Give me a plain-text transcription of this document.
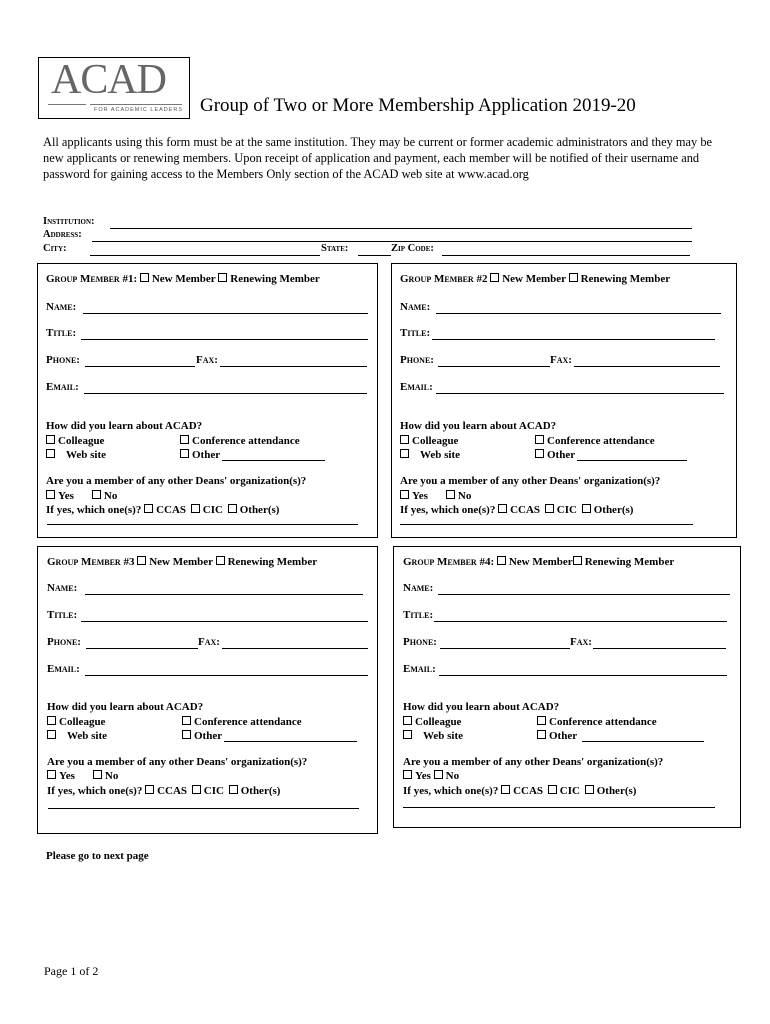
ACAD
FOR ACADEMIC LEADERS Group of Two or More Membership Application 2019-20
All applicants using this form must be at the same institution. They may be current or former academic administrators and they may be new applicants or renewing members. Upon receipt of application and payment, each member will be notified of their username and password for gaining access to the Members Only section of the ACAD web site at www.acad.org
Institution:
Address:
City:	State:	Zip Code:
Group Member #1: New Member Renewing Member
Name:
Title:
Phone:	Fax:
Email:
How did you learn about ACAD?
Colleague	Conference attendance
Web site	Other
Are you a member of any other Deans' organization(s)?
Yes	No
If yes, which one(s)? CCAS CIC Other(s)
Group Member #2 New Member Renewing Member
Name:
Title:
Phone:	Fax:
Email:
How did you learn about ACAD?
Colleague	Conference attendance
Web site	Other
Are you a member of any other Deans' organization(s)?
Yes	No
If yes, which one(s)? CCAS CIC Other(s)
Group Member #3 New Member Renewing Member
Name:
Title:
Phone:	Fax:
Email:
How did you learn about ACAD?
Colleague	Conference attendance
Web site	Other
Are you a member of any other Deans' organization(s)?
Yes	No
If yes, which one(s)? CCAS CIC Other(s)
Group Member #4: New Member Renewing Member
Name:
Title:
Phone:	Fax:
Email:
How did you learn about ACAD?
Colleague	Conference attendance
Web site	Other
Are you a member of any other Deans' organization(s)?
Yes No
If yes, which one(s)? CCAS CIC Other(s)
Please go to next page
Page 1 of 2
